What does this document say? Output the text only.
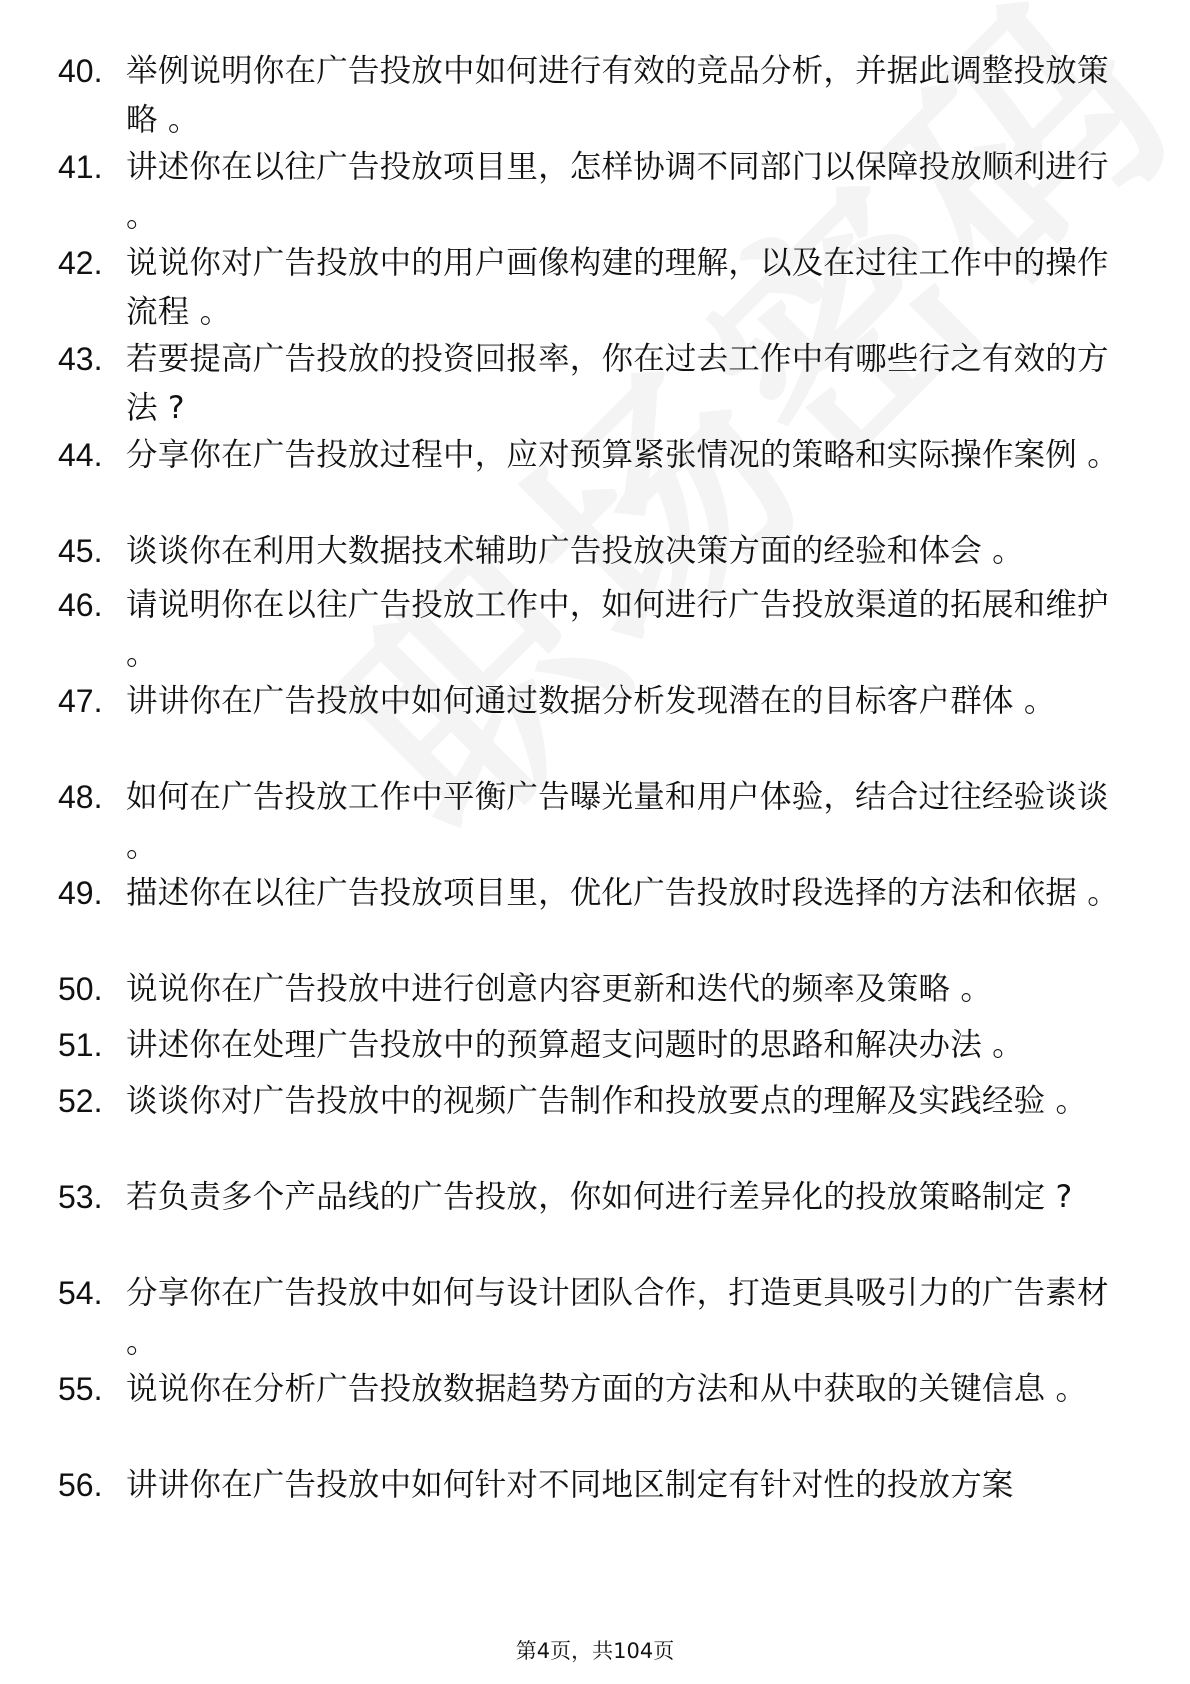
40. 举例说明你在广告投放中如何进行有效的竞品分析，并据此调整投放策略 。
41. 讲述你在以往广告投放项目里，怎样协调不同部门以保障投放顺利进行 。
42. 说说你对广告投放中的用户画像构建的理解，以及在过往工作中的操作流程 。
43. 若要提高广告投放的投资回报率，你在过去工作中有哪些行之有效的方法 ?
44. 分享你在广告投放过程中，应对预算紧张情况的策略和实际操作案例 。
45. 谈谈你在利用大数据技术辅助广告投放决策方面的经验和体会 。
46. 请说明你在以往广告投放工作中，如何进行广告投放渠道的拓展和维护 。
47. 讲讲你在广告投放中如何通过数据分析发现潜在的目标客户群体 。
48. 如何在广告投放工作中平衡广告曝光量和用户体验，结合过往经验谈谈 。
49. 描述你在以往广告投放项目里，优化广告投放时段选择的方法和依据 。
50. 说说你在广告投放中进行创意内容更新和迭代的频率及策略 。
51. 讲述你在处理广告投放中的预算超支问题时的思路和解决办法 。
52. 谈谈你对广告投放中的视频广告制作和投放要点的理解及实践经验 。
53. 若负责多个产品线的广告投放，你如何进行差异化的投放策略制定 ?
54. 分享你在广告投放中如何与设计团队合作，打造更具吸引力的广告素材 。
55. 说说你在分析广告投放数据趋势方面的方法和从中获取的关键信息 。
56. 讲讲你在广告投放中如何针对不同地区制定有针对性的投放方案
第4页，共104页
